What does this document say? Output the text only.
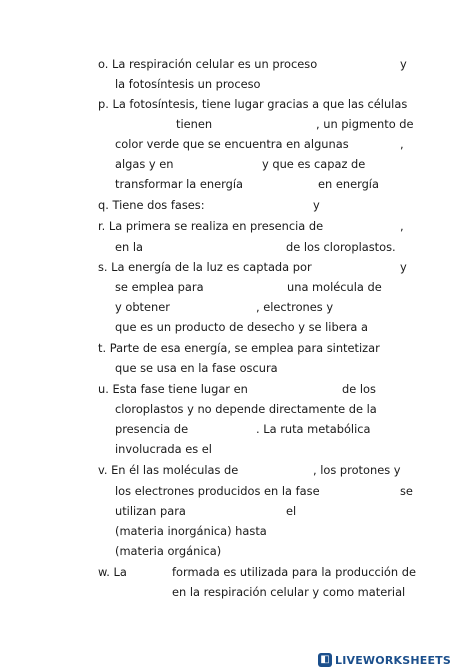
o. La respiración celular es un proceso	y
la fotosíntesis un proceso
p. La fotosíntesis, tiene lugar gracias a que las células
tienen	, un pigmento de
color verde que se encuentra en algunas	,
algas y en	y que es capaz de
transformar la energía	en energía
q. Tiene dos fases:	y
r. La primera se realiza en presencia de	,
en la	de los cloroplastos.
s. La energía de la luz es captada por	y
se emplea para	una molécula de
y obtener	, electrones y
que es un producto de desecho y se libera a
t. Parte de esa energía, se emplea para sintetizar
que se usa en la fase oscura
u. Esta fase tiene lugar en	de los
cloroplastos y no depende directamente de la
presencia de	. La ruta metabólica
involucrada es el
v. En él las moléculas de	, los protones y
los electrones producidos en la fase	se
utilizan para	el
(materia inorgánica) hasta
(materia orgánica)
w. La	formada es utilizada para la producción de
en la respiración celular y como material
◧ LIVEWORKSHEETS
